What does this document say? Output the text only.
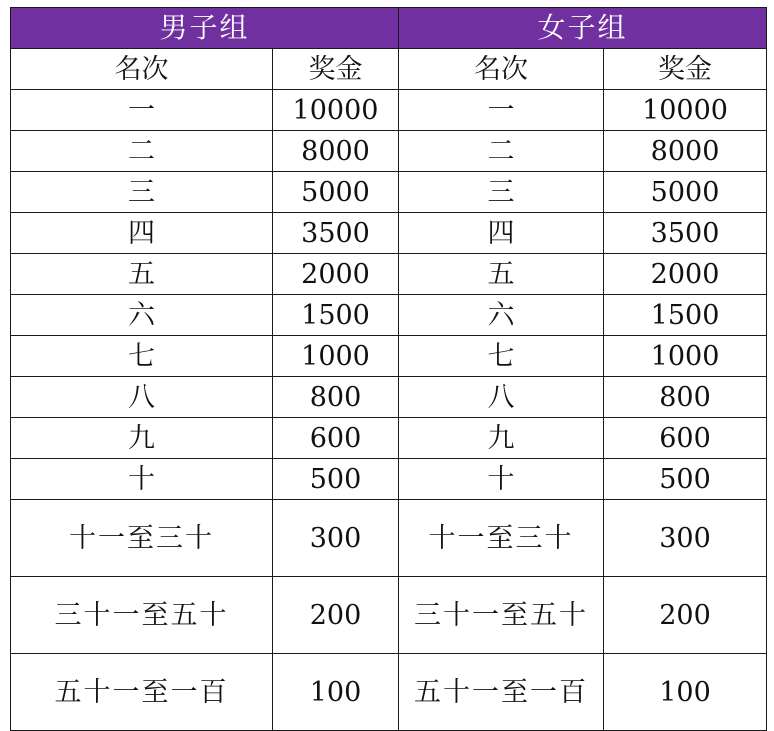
男子组		女子组	
名次	奖金	名次	奖金
一	10000	一	10000
二	8000	二	8000
三	5000	三	5000
四	3500	四	3500
五	2000	五	2000
六	1500	六	1500
七	1000	七	1000
八	800	八	800
九	600	九	600
十	500	十	500
十一至三十	300	十一至三十	300
三十一至五十	200	三十一至五十	200
五十一至一百	100	五十一至一百	100
